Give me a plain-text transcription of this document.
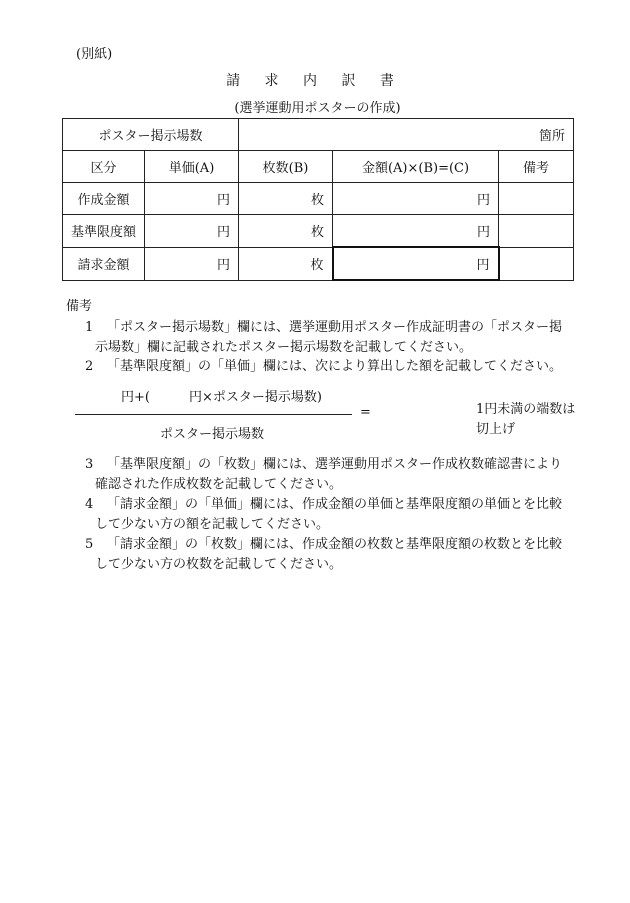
(別紙)
請 求 内 訳 書
(選挙運動用ポスターの作成)
ポスター掲示場数		箇所		
区分	単価(A)	枚数(B)	金額(A)×(B)=(C)	備考
作成金額	円	枚	円	
基準限度額	円	枚	円	
請求金額	円	枚	円	
備考
1 「ポスター掲示場数」欄には、選挙運動用ポスター作成証明書の「ポスター掲
示場数」欄に記載されたポスター掲示場数を記載してください。
2 「基準限度額」の「単価」欄には、次により算出した額を記載してください。
円+(　　　円×ポスター掲示場数)
=
ポスター掲示場数
1円未満の端数は
切上げ
3 「基準限度額」の「枚数」欄には、選挙運動用ポスター作成枚数確認書により
確認された作成枚数を記載してください。
4 「請求金額」の「単価」欄には、作成金額の単価と基準限度額の単価とを比較
して少ない方の額を記載してください。
5 「請求金額」の「枚数」欄には、作成金額の枚数と基準限度額の枚数とを比較
して少ない方の枚数を記載してください。
